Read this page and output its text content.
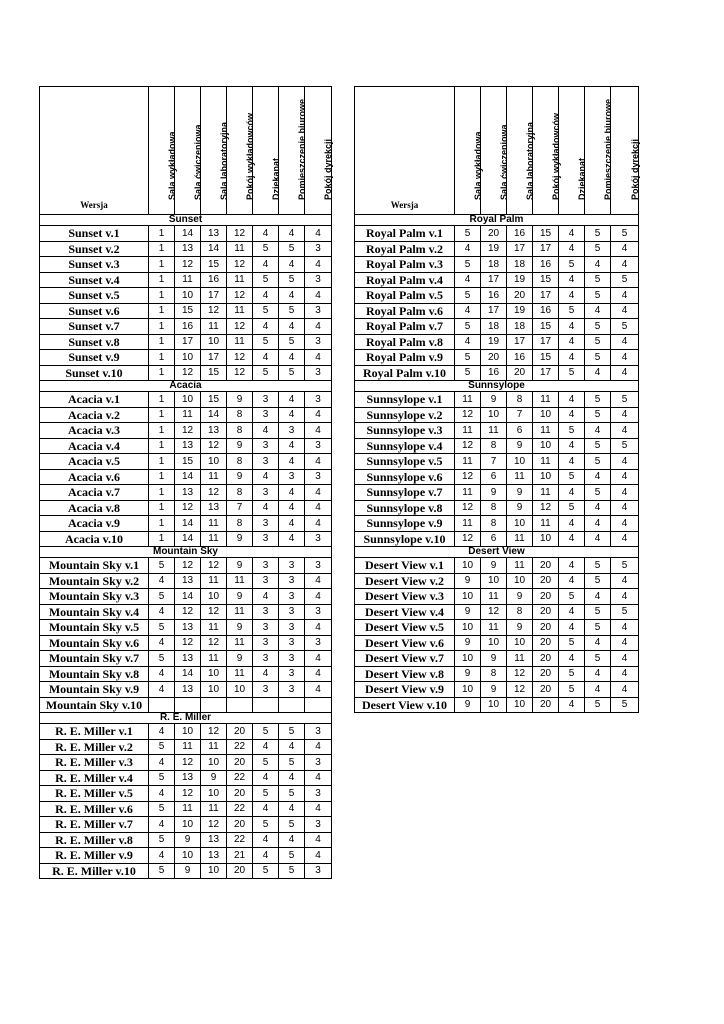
Wersja	Sala wykładowa	Sala ćwiczeniowa	Sala laboratoryjna	Pokój wykładowców	Dziekanat	Pomieszczenie biurowe	Pokój dyrekcji

Sunset							
Sunset v.1	1	14	13	12	4	4	4
Sunset v.2	1	13	14	11	5	5	3
Sunset v.3	1	12	15	12	4	4	4
Sunset v.4	1	11	16	11	5	5	3
Sunset v.5	1	10	17	12	4	4	4
Sunset v.6	1	15	12	11	5	5	3
Sunset v.7	1	16	11	12	4	4	4
Sunset v.8	1	17	10	11	5	5	3
Sunset v.9	1	10	17	12	4	4	4
Sunset v.10	1	12	15	12	5	5	3
Acacia							
Acacia v.1	1	10	15	9	3	4	3
Acacia v.2	1	11	14	8	3	4	4
Acacia v.3	1	12	13	8	4	3	4
Acacia v.4	1	13	12	9	3	4	3
Acacia v.5	1	15	10	8	3	4	4
Acacia v.6	1	14	11	9	4	3	3
Acacia v.7	1	13	12	8	3	4	4
Acacia v.8	1	12	13	7	4	4	4
Acacia v.9	1	14	11	8	3	4	4
Acacia v.10	1	14	11	9	3	4	3
Mountain Sky							
Mountain Sky v.1	5	12	12	9	3	3	3
Mountain Sky v.2	4	13	11	11	3	3	4
Mountain Sky v.3	5	14	10	9	4	3	4
Mountain Sky v.4	4	12	12	11	3	3	3
Mountain Sky v.5	5	13	11	9	3	3	4
Mountain Sky v.6	4	12	12	11	3	3	3
Mountain Sky v.7	5	13	11	9	3	3	4
Mountain Sky v.8	4	14	10	11	4	3	4
Mountain Sky v.9	4	13	10	10	3	3	4
Mountain Sky v.10							
R. E. Miller							
R. E. Miller v.1	4	10	12	20	5	5	3
R. E. Miller v.2	5	11	11	22	4	4	4
R. E. Miller v.3	4	12	10	20	5	5	3
R. E. Miller v.4	5	13	9	22	4	4	4
R. E. Miller v.5	4	12	10	20	5	5	3
R. E. Miller v.6	5	11	11	22	4	4	4
R. E. Miller v.7	4	10	12	20	5	5	3
R. E. Miller v.8	5	9	13	22	4	4	4
R. E. Miller v.9	4	10	13	21	4	5	4
R. E. Miller v.10	5	9	10	20	5	5	3
Wersja	Sala wykładowa	Sala ćwiczeniowa	Sala laboratoryjna	Pokój wykładowców	Dziekanat	Pomieszczenie biurowe	Pokój dyrekcji

Royal Palm							
Royal Palm v.1	5	20	16	15	4	5	5
Royal Palm v.2	4	19	17	17	4	5	4
Royal Palm v.3	5	18	18	16	5	4	4
Royal Palm v.4	4	17	19	15	4	5	5
Royal Palm v.5	5	16	20	17	4	5	4
Royal Palm v.6	4	17	19	16	5	4	4
Royal Palm v.7	5	18	18	15	4	5	5
Royal Palm v.8	4	19	17	17	4	5	4
Royal Palm v.9	5	20	16	15	4	5	4
Royal Palm v.10	5	16	20	17	5	4	4
Sunnsylope							
Sunnsylope v.1	11	9	8	11	4	5	5
Sunnsylope v.2	12	10	7	10	4	5	4
Sunnsylope v.3	11	11	6	11	5	4	4
Sunnsylope v.4	12	8	9	10	4	5	5
Sunnsylope v.5	11	7	10	11	4	5	4
Sunnsylope v.6	12	6	11	10	5	4	4
Sunnsylope v.7	11	9	9	11	4	5	4
Sunnsylope v.8	12	8	9	12	5	4	4
Sunnsylope v.9	11	8	10	11	4	4	4
Sunnsylope v.10	12	6	11	10	4	4	4
Desert View							
Desert View v.1	10	9	11	20	4	5	5
Desert View v.2	9	10	10	20	4	5	4
Desert View v.3	10	11	9	20	5	4	4
Desert View v.4	9	12	8	20	4	5	5
Desert View v.5	10	11	9	20	4	5	4
Desert View v.6	9	10	10	20	5	4	4
Desert View v.7	10	9	11	20	4	5	4
Desert View v.8	9	8	12	20	5	4	4
Desert View v.9	10	9	12	20	5	4	4
Desert View v.10	9	10	10	20	4	5	5
